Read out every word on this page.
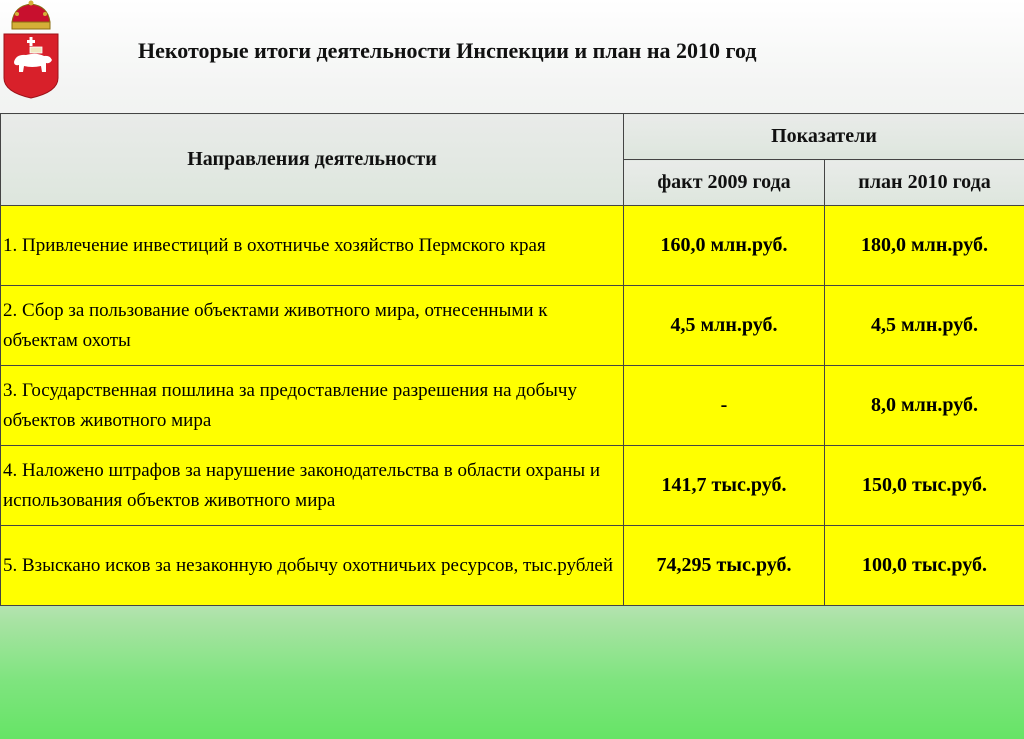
Некоторые итоги деятельности Инспекции и план на 2010 год
Направления деятельности	Показатели	
	факт 2009 года	план 2010 года
1. Привлечение инвестиций в охотничье хозяйство Пермского края	160,0 млн.руб.	180,0 млн.руб.
2. Сбор за пользование объектами животного мира, отнесенными к объектам охоты	4,5 млн.руб.	4,5 млн.руб.
3. Государственная пошлина за предоставление разрешения на добычу объектов животного мира	-	8,0 млн.руб.
4. Наложено штрафов за нарушение законодательства в области охраны и использования объектов животного мира	141,7 тыс.руб.	150,0 тыс.руб.
5. Взыскано исков за незаконную добычу охотничьих ресурсов, тыс.рублей	74,295 тыс.руб.	100,0 тыс.руб.
